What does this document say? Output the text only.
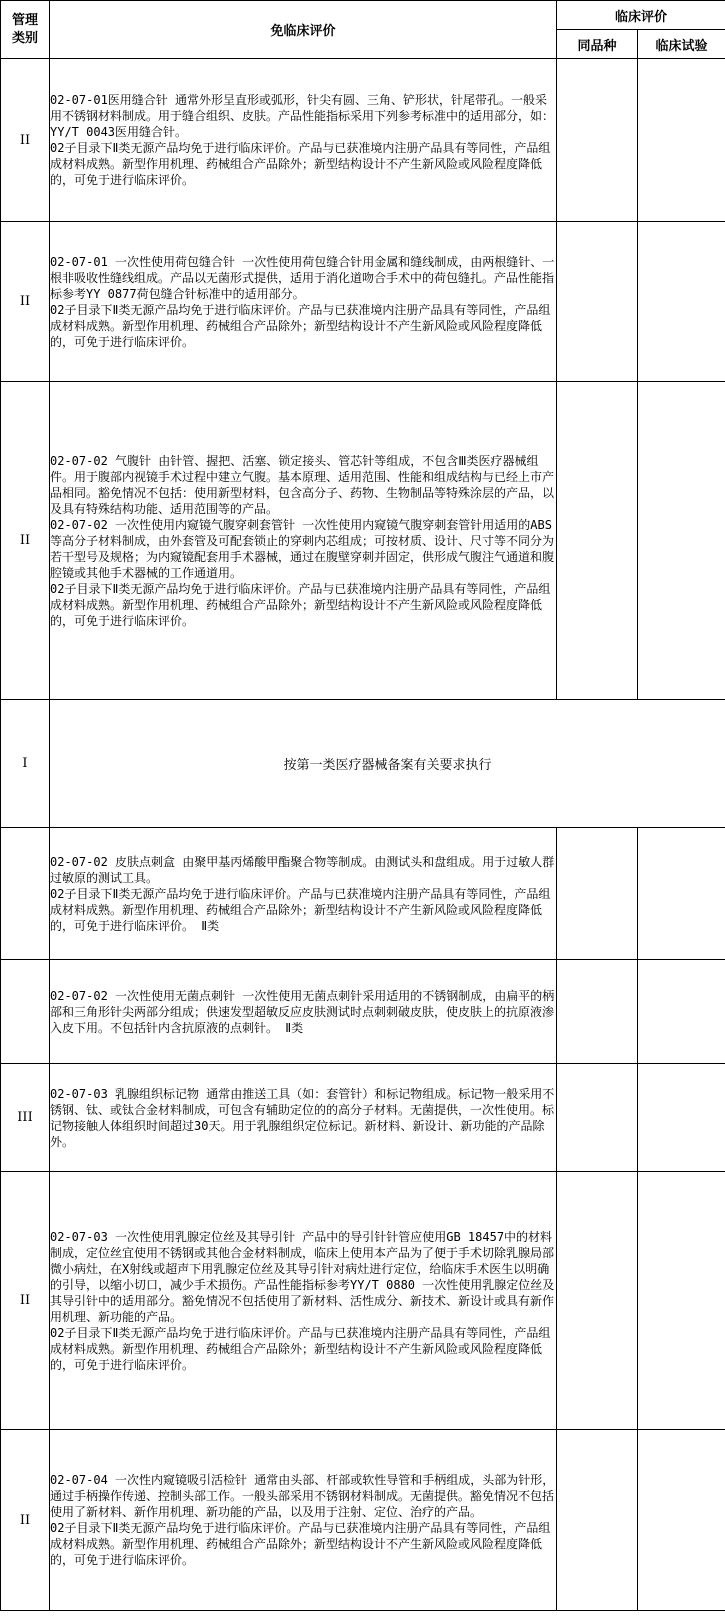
管理
类别	免临床评价	临床评价	
		同品种	临床试验
II	02-07-01医用缝合针 通常外形呈直形或弧形，针尖有圆、三角、铲形状，针尾带孔。一般采用不锈钢材料制成。用于缝合组织、皮肤。产品性能指标采用下列参考标准中的适用部分，如：YY/T 0043医用缝合针。

02子目录下Ⅱ类无源产品均免于进行临床评价。产品与已获准境内注册产品具有等同性，产品组成材料成熟。新型作用机理、药械组合产品除外；新型结构设计不产生新风险或风险程度降低的，可免于进行临床评价。		

II	02-07-01 一次性使用荷包缝合针 一次性使用荷包缝合针用金属和缝线制成，由两根缝针、一根非吸收性缝线组成。产品以无菌形式提供，适用于消化道吻合手术中的荷包缝扎。产品性能指标参考YY 0877荷包缝合针标准中的适用部分。

02子目录下Ⅱ类无源产品均免于进行临床评价。产品与已获准境内注册产品具有等同性，产品组成材料成熟。新型作用机理、药械组合产品除外；新型结构设计不产生新风险或风险程度降低的，可免于进行临床评价。		

II	02-07-02 气腹针 由针管、握把、活塞、锁定接头、管芯针等组成，不包含Ⅲ类医疗器械组件。用于腹部内视镜手术过程中建立气腹。基本原理、适用范围、性能和组成结构与已经上市产品相同。豁免情况不包括：使用新型材料，包含高分子、药物、生物制品等特殊涂层的产品，以及具有特殊结构功能、适用范围等的产品。

02-07-02 一次性使用内窥镜气腹穿刺套管针 一次性使用内窥镜气腹穿刺套管针用适用的ABS等高分子材料制成，由外套管及可配套锁止的穿刺内芯组成；可按材质、设计、尺寸等不同分为若干型号及规格；为内窥镜配套用手术器械，通过在腹壁穿刺并固定，供形成气腹注气通道和腹腔镜或其他手术器械的工作通道用。

02子目录下Ⅱ类无源产品均免于进行临床评价。产品与已获准境内注册产品具有等同性，产品组成材料成熟。新型作用机理、药械组合产品除外；新型结构设计不产生新风险或风险程度降低的，可免于进行临床评价。		

I	按第一类医疗器械备案有关要求执行		

	02-07-02 皮肤点刺盒 由聚甲基丙烯酸甲酯聚合物等制成。由测试头和盘组成。用于过敏人群过敏原的测试工具。

02子目录下Ⅱ类无源产品均免于进行临床评价。产品与已获准境内注册产品具有等同性，产品组成材料成熟。新型作用机理、药械组合产品除外；新型结构设计不产生新风险或风险程度降低的，可免于进行临床评价。 Ⅱ类		

	02-07-02 一次性使用无菌点刺针 一次性使用无菌点刺针采用适用的不锈钢制成，由扁平的柄部和三角形针尖两部分组成；供速发型超敏反应皮肤测试时点刺刺破皮肤，使皮肤上的抗原液渗入皮下用。不包括针内含抗原液的点刺针。 Ⅱ类		

III	02-07-03 乳腺组织标记物 通常由推送工具（如：套管针）和标记物组成。标记物一般采用不锈钢、钛、或钛合金材料制成，可包含有辅助定位的的高分子材料。无菌提供，一次性使用。标记物接触人体组织时间超过30天。用于乳腺组织定位标记。新材料、新设计、新功能的产品除外。		

II	02-07-03 一次性使用乳腺定位丝及其导引针 产品中的导引针针管应使用GB 18457中的材料制成，定位丝宜使用不锈钢或其他合金材料制成，临床上使用本产品为了便于手术切除乳腺局部微小病灶，在X射线或超声下用乳腺定位丝及其导引针对病灶进行定位，给临床手术医生以明确的引导，以缩小切口，减少手术损伤。产品性能指标参考YY/T 0880 一次性使用乳腺定位丝及其导引针中的适用部分。豁免情况不包括使用了新材料、活性成分、新技术、新设计或具有新作用机理、新功能的产品。

02子目录下Ⅱ类无源产品均免于进行临床评价。产品与已获准境内注册产品具有等同性，产品组成材料成熟。新型作用机理、药械组合产品除外；新型结构设计不产生新风险或风险程度降低的，可免于进行临床评价。		

II	02-07-04 一次性内窥镜吸引活检针 通常由头部、杆部或软性导管和手柄组成，头部为针形，通过手柄操作传递、控制头部工作。一般头部采用不锈钢材料制成。无菌提供。豁免情况不包括使用了新材料、新作用机理、新功能的产品，以及用于注射、定位、治疗的产品。

02子目录下Ⅱ类无源产品均免于进行临床评价。产品与已获准境内注册产品具有等同性，产品组成材料成熟。新型作用机理、药械组合产品除外；新型结构设计不产生新风险或风险程度降低的，可免于进行临床评价。		
